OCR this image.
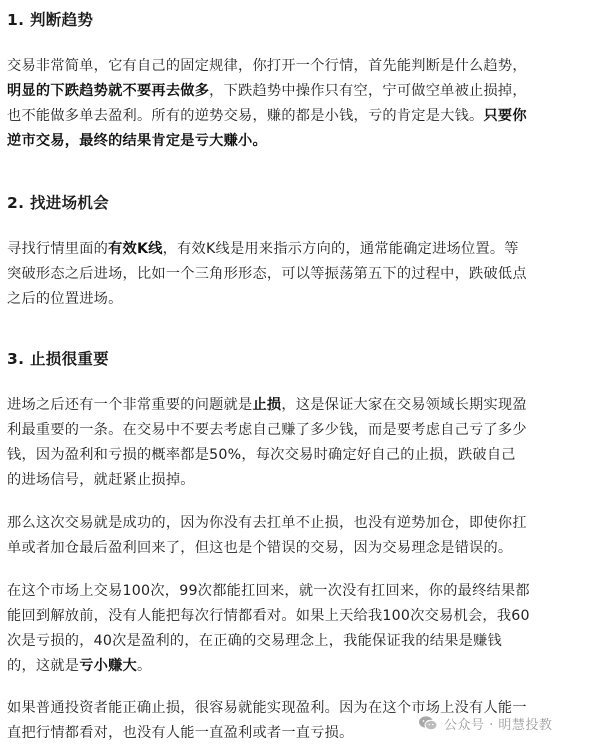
1. 判断趋势

交易非常简单，它有自己的固定规律，你打开一个行情，首先能判断是什么趋势，
明显的下跌趋势就不要再去做多，下跌趋势中操作只有空，宁可做空单被止损掉，
也不能做多单去盈利。所有的逆势交易，赚的都是小钱，亏的肯定是大钱。只要你
逆市交易，最终的结果肯定是亏大赚小。

2. 找进场机会

寻找行情里面的有效K线，有效K线是用来指示方向的，通常能确定进场位置。等
突破形态之后进场，比如一个三角形形态，可以等振荡第五下的过程中，跌破低点
之后的位置进场。

3. 止损很重要

进场之后还有一个非常重要的问题就是止损，这是保证大家在交易领域长期实现盈
利最重要的一条。在交易中不要去考虑自己赚了多少钱，而是要考虑自己亏了多少
钱，因为盈利和亏损的概率都是50%，每次交易时确定好自己的止损，跌破自己
的进场信号，就赶紧止损掉。

那么这次交易就是成功的，因为你没有去扛单不止损，也没有逆势加仓，即使你扛
单或者加仓最后盈利回来了，但这也是个错误的交易，因为交易理念是错误的。

在这个市场上交易100次，99次都能扛回来，就一次没有扛回来，你的最终结果都
能回到解放前，没有人能把每次行情都看对。如果上天给我100次交易机会，我60
次是亏损的，40次是盈利的，在正确的交易理念上，我能保证我的结果是赚钱
的，这就是亏小赚大。

如果普通投资者能正确止损，很容易就能实现盈利。因为在这个市场上没有人能一
直把行情都看对，也没有人能一直盈利或者一直亏损。	公众号 · 明慧投教
